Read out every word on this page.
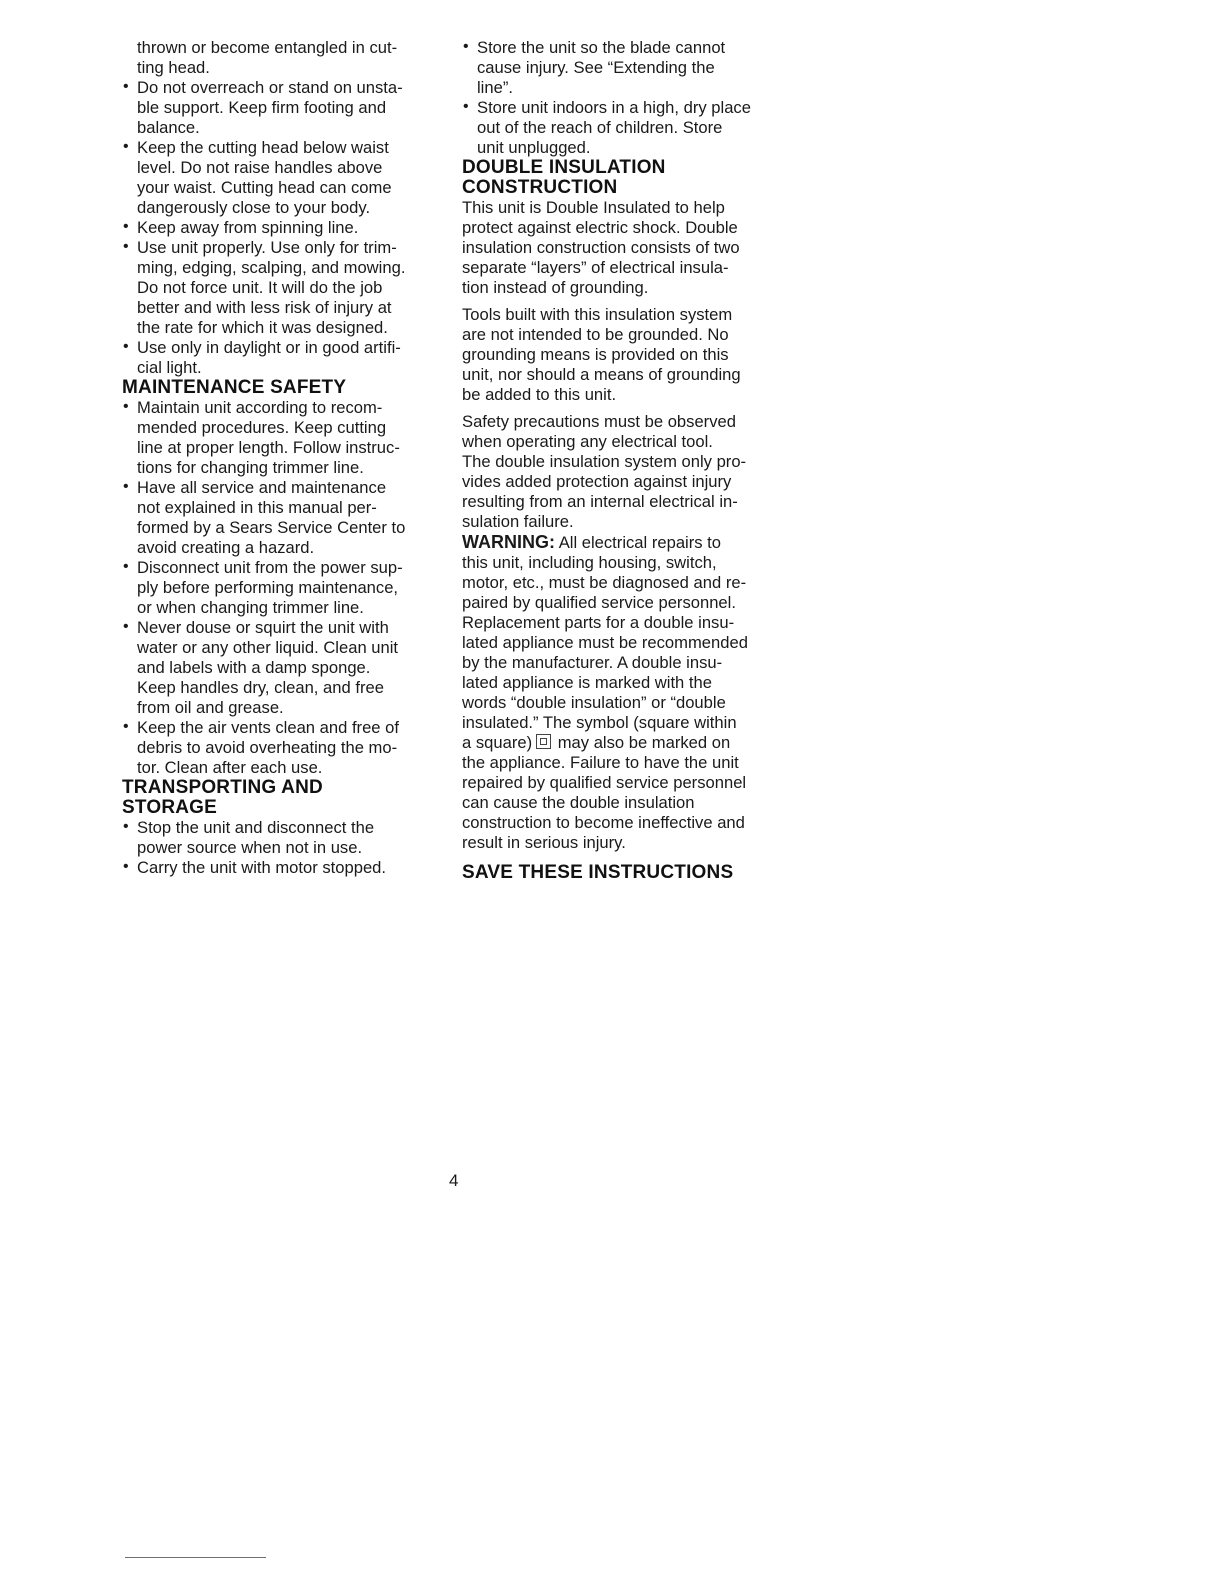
thrown or become entangled in cut-
ting head.
• Do not overreach or stand on unsta-
ble support. Keep firm footing and
balance.
• Keep the cutting head below waist
level. Do not raise handles above
your waist. Cutting head can come
dangerously close to your body.
• Keep away from spinning line.
• Use unit properly. Use only for trim-
ming, edging, scalping, and mowing.
Do not force unit. It will do the job
better and with less risk of injury at
the rate for which it was designed.
• Use only in daylight or in good artifi-
cial light.
MAINTENANCE SAFETY
• Maintain unit according to recom-
mended procedures. Keep cutting
line at proper length. Follow instruc-
tions for changing trimmer line.
• Have all service and maintenance
not explained in this manual per-
formed by a Sears Service Center to
avoid creating a hazard.
• Disconnect unit from the power sup-
ply before performing maintenance,
or when changing trimmer line.
• Never douse or squirt the unit with
water or any other liquid. Clean unit
and labels with a damp sponge.
Keep handles dry, clean, and free
from oil and grease.
• Keep the air vents clean and free of
debris to avoid overheating the mo-
tor. Clean after each use.
TRANSPORTING AND
STORAGE
• Stop the unit and disconnect the
power source when not in use.
• Carry the unit with motor stopped.
• Store the unit so the blade cannot
cause injury. See “Extending the
line”.
• Store unit indoors in a high, dry place
out of the reach of children. Store
unit unplugged.
DOUBLE INSULATION
CONSTRUCTION
This unit is Double Insulated to help
protect against electric shock. Double
insulation construction consists of two
separate “layers” of electrical insula-
tion instead of grounding.
Tools built with this insulation system
are not intended to be grounded. No
grounding means is provided on this
unit, nor should a means of grounding
be added to this unit.
Safety precautions must be observed
when operating any electrical tool.
The double insulation system only pro-
vides added protection against injury
resulting from an internal electrical in-
sulation failure.
WARNING: All electrical repairs to
this unit, including housing, switch,
motor, etc., must be diagnosed and re-
paired by qualified service personnel.
Replacement parts for a double insu-
lated appliance must be recommended
by the manufacturer. A double insu-
lated appliance is marked with the
words “double insulation” or “double
insulated.” The symbol (square within
a square) may also be marked on
the appliance. Failure to have the unit
repaired by qualified service personnel
can cause the double insulation
construction to become ineffective and
result in serious injury.
SAVE THESE INSTRUCTIONS
4
